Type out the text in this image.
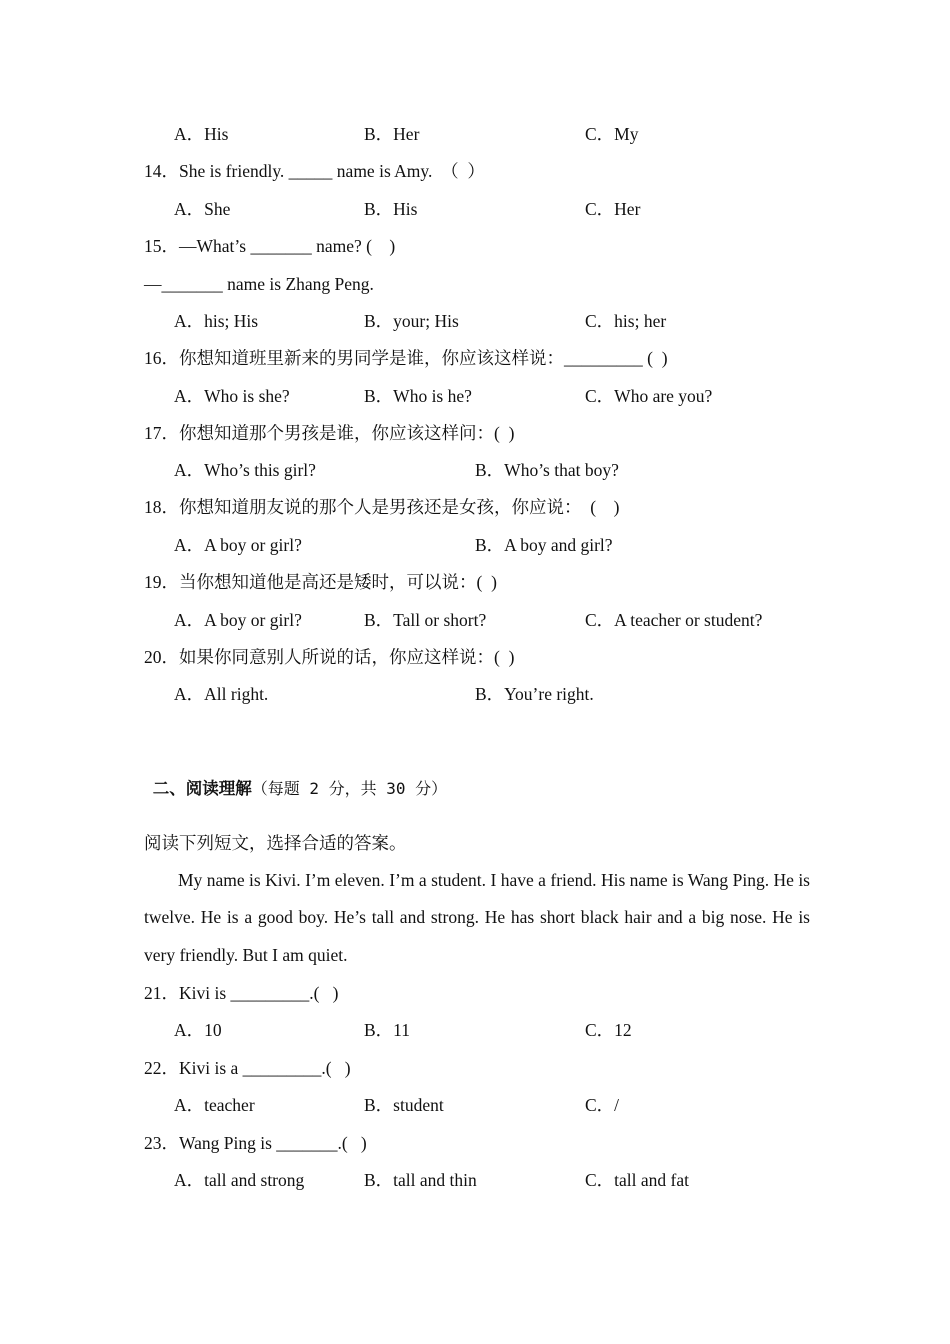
A．His	B．Her	C．My
14．She is friendly. _____ name is Amy.  （  ）
A．She	B．His	C．Her
15．—What’s _______ name? (    )
—_______ name is Zhang Peng.
A．his; His	B．your; His	C．his; her
16．你想知道班里新来的男同学是谁，你应该这样说：_________ (  )
A．Who is she?	B．Who is he?	C．Who are you?
17．你想知道那个男孩是谁，你应该这样问：(  )
A．Who’s this girl?	B．Who’s that boy?
18．你想知道朋友说的那个人是男孩还是女孩，你应说：  (    )
A．A boy or girl?	B．A boy and girl?
19．当你想知道他是高还是矮时，可以说：(  )
A．A boy or girl?	B．Tall or short?	C．A teacher or student?
20．如果你同意别人所说的话，你应这样说：(  )
A．All right.	B．You’re right.

二、阅读理解（每题 2 分，共 30 分）

阅读下列短文，选择合适的答案。
My name is Kivi. I’m eleven. I’m a student. I have a friend. His name is Wang Ping. He is twelve. He is a good boy. He’s tall and strong. He has short black hair and a big nose. He is very friendly. But I am quiet.
21．Kivi is _________.(   )
A．10	B．11	C．12
22．Kivi is a _________.(   )
A．teacher	B．student	C．/
23．Wang Ping is _______.(   )
A．tall and strong	B．tall and thin	C．tall and fat
